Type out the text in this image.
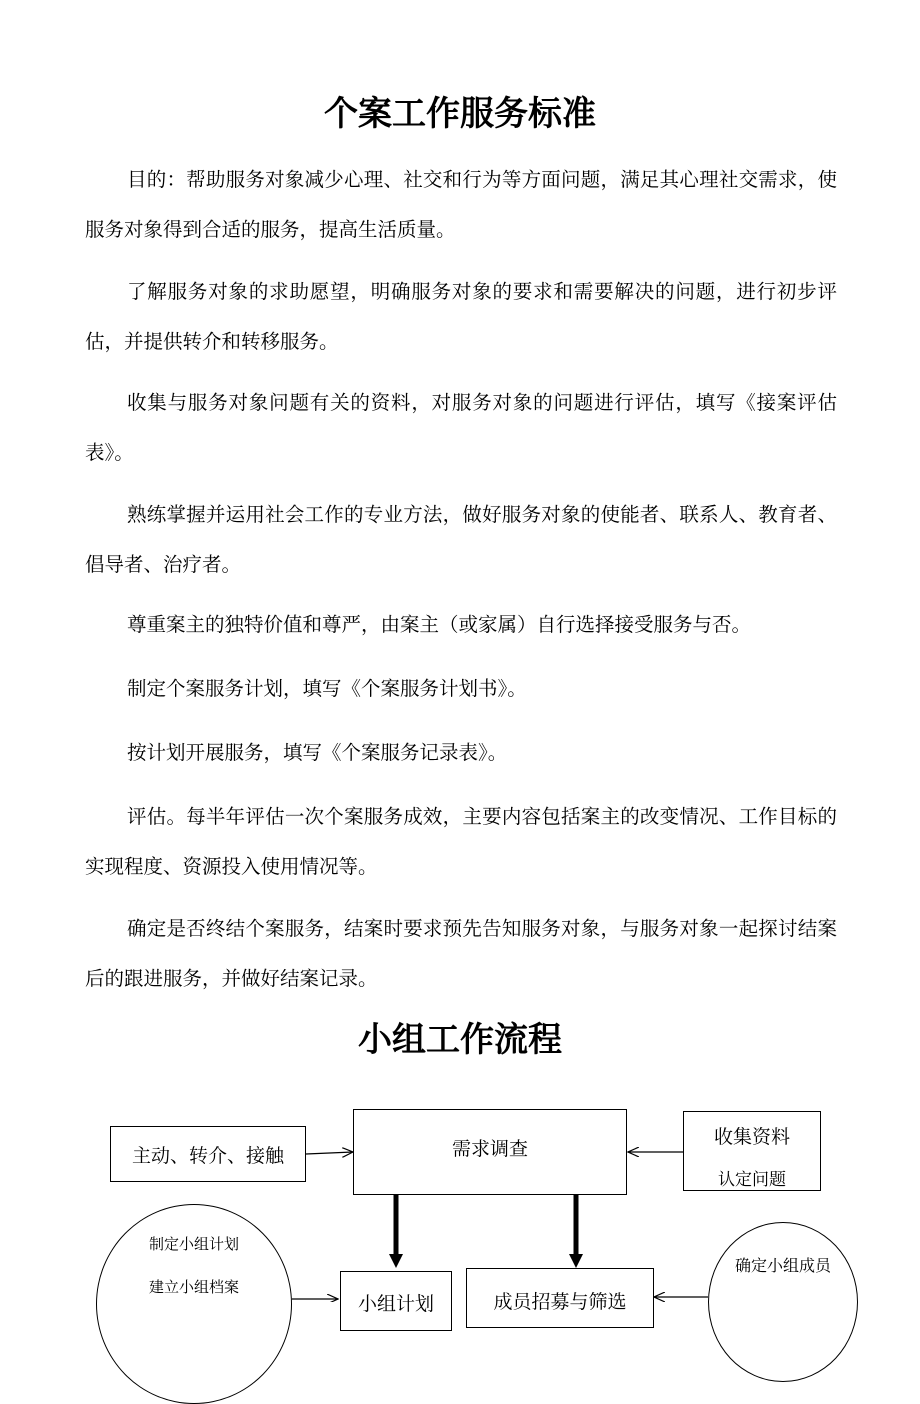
个案工作服务标准

目的：帮助服务对象减少心理、社交和行为等方面问题，满足其心理社交需求，使服务对象得到合适的服务，提高生活质量。

了解服务对象的求助愿望，明确服务对象的要求和需要解决的问题，进行初步评估，并提供转介和转移服务。

收集与服务对象问题有关的资料，对服务对象的问题进行评估，填写《接案评估表》。

熟练掌握并运用社会工作的专业方法，做好服务对象的使能者、联系人、教育者、倡导者、治疗者。

尊重案主的独特价值和尊严，由案主（或家属）自行选择接受服务与否。

制定个案服务计划，填写《个案服务计划书》。

按计划开展服务，填写《个案服务记录表》。

评估。每半年评估一次个案服务成效，主要内容包括案主的改变情况、工作目标的实现程度、资源投入使用情况等。

确定是否终结个案服务，结案时要求预先告知服务对象，与服务对象一起探讨结案后的跟进服务，并做好结案记录。

小组工作流程
主动、转介、接触	需求调查
收集资料
认定问题
制定小组计划
建立小组档案
小组计划	成员招募与筛选
确定小组成员
